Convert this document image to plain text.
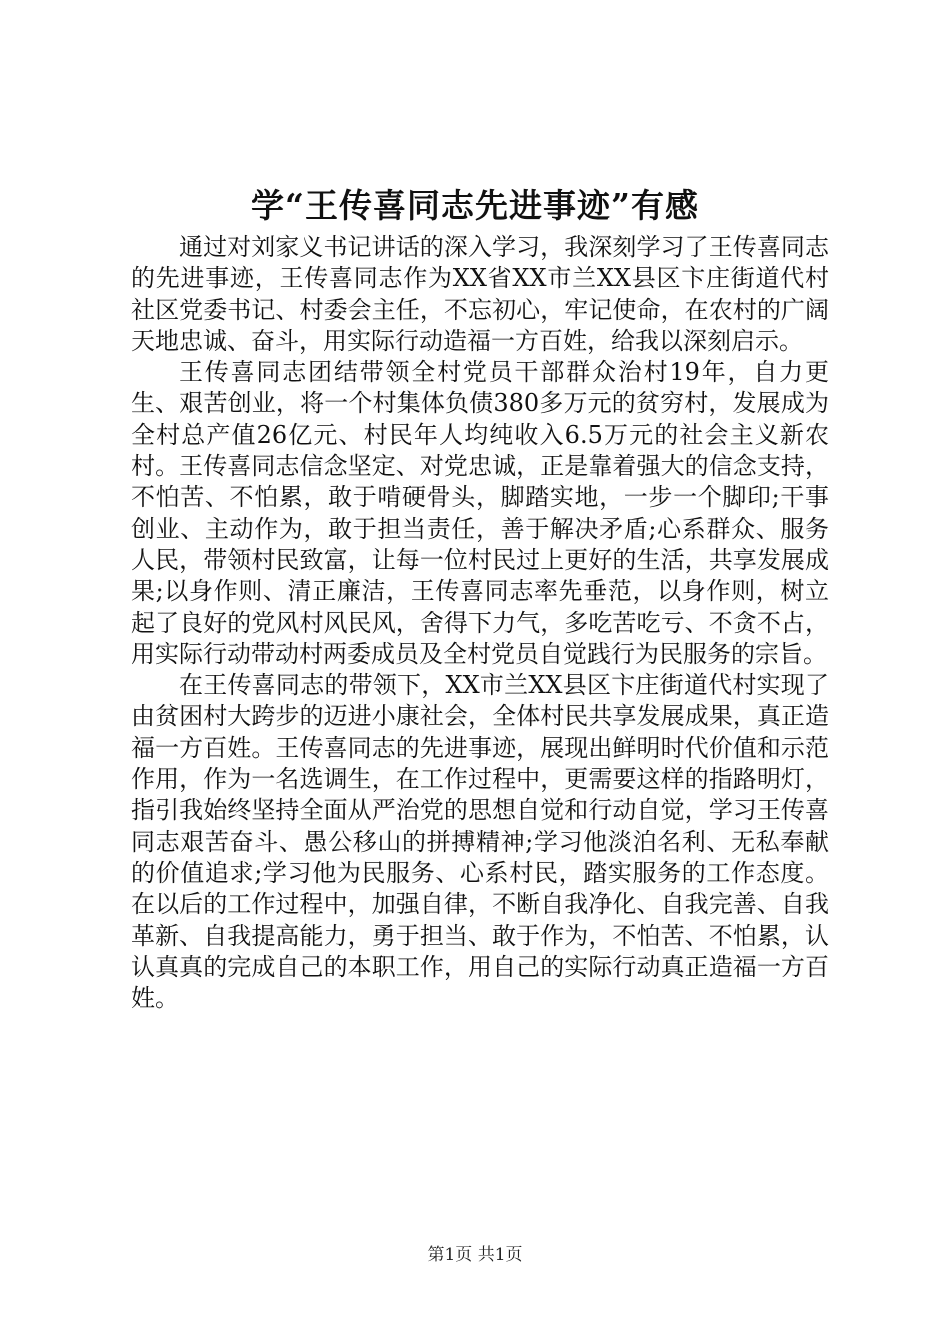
学“王传喜同志先进事迹”有感

通过对刘家义书记讲话的深入学习，我深刻学习了王传喜同志的先进事迹，王传喜同志作为XX省XX市兰XX县区卞庄街道代村社区党委书记、村委会主任，不忘初心，牢记使命，在农村的广阔天地忠诚、奋斗，用实际行动造福一方百姓，给我以深刻启示。

王传喜同志团结带领全村党员干部群众治村19年，自力更生、艰苦创业，将一个村集体负债380多万元的贫穷村，发展成为全村总产值26亿元、村民年人均纯收入6.5万元的社会主义新农村。王传喜同志信念坚定、对党忠诚，正是靠着强大的信念支持，不怕苦、不怕累，敢于啃硬骨头，脚踏实地，一步一个脚印;干事创业、主动作为，敢于担当责任，善于解决矛盾;心系群众、服务人民，带领村民致富，让每一位村民过上更好的生活，共享发展成果;以身作则、清正廉洁，王传喜同志率先垂范，以身作则，树立起了良好的党风村风民风，舍得下力气，多吃苦吃亏、不贪不占，用实际行动带动村两委成员及全村党员自觉践行为民服务的宗旨。

在王传喜同志的带领下，XX市兰XX县区卞庄街道代村实现了由贫困村大跨步的迈进小康社会，全体村民共享发展成果，真正造福一方百姓。王传喜同志的先进事迹，展现出鲜明时代价值和示范作用，作为一名选调生，在工作过程中，更需要这样的指路明灯，指引我始终坚持全面从严治党的思想自觉和行动自觉，学习王传喜同志艰苦奋斗、愚公移山的拼搏精神;学习他淡泊名利、无私奉献的价值追求;学习他为民服务、心系村民，踏实服务的工作态度。在以后的工作过程中，加强自律，不断自我净化、自我完善、自我革新、自我提高能力，勇于担当、敢于作为，不怕苦、不怕累，认认真真的完成自己的本职工作，用自己的实际行动真正造福一方百姓。

第1页 共1页
